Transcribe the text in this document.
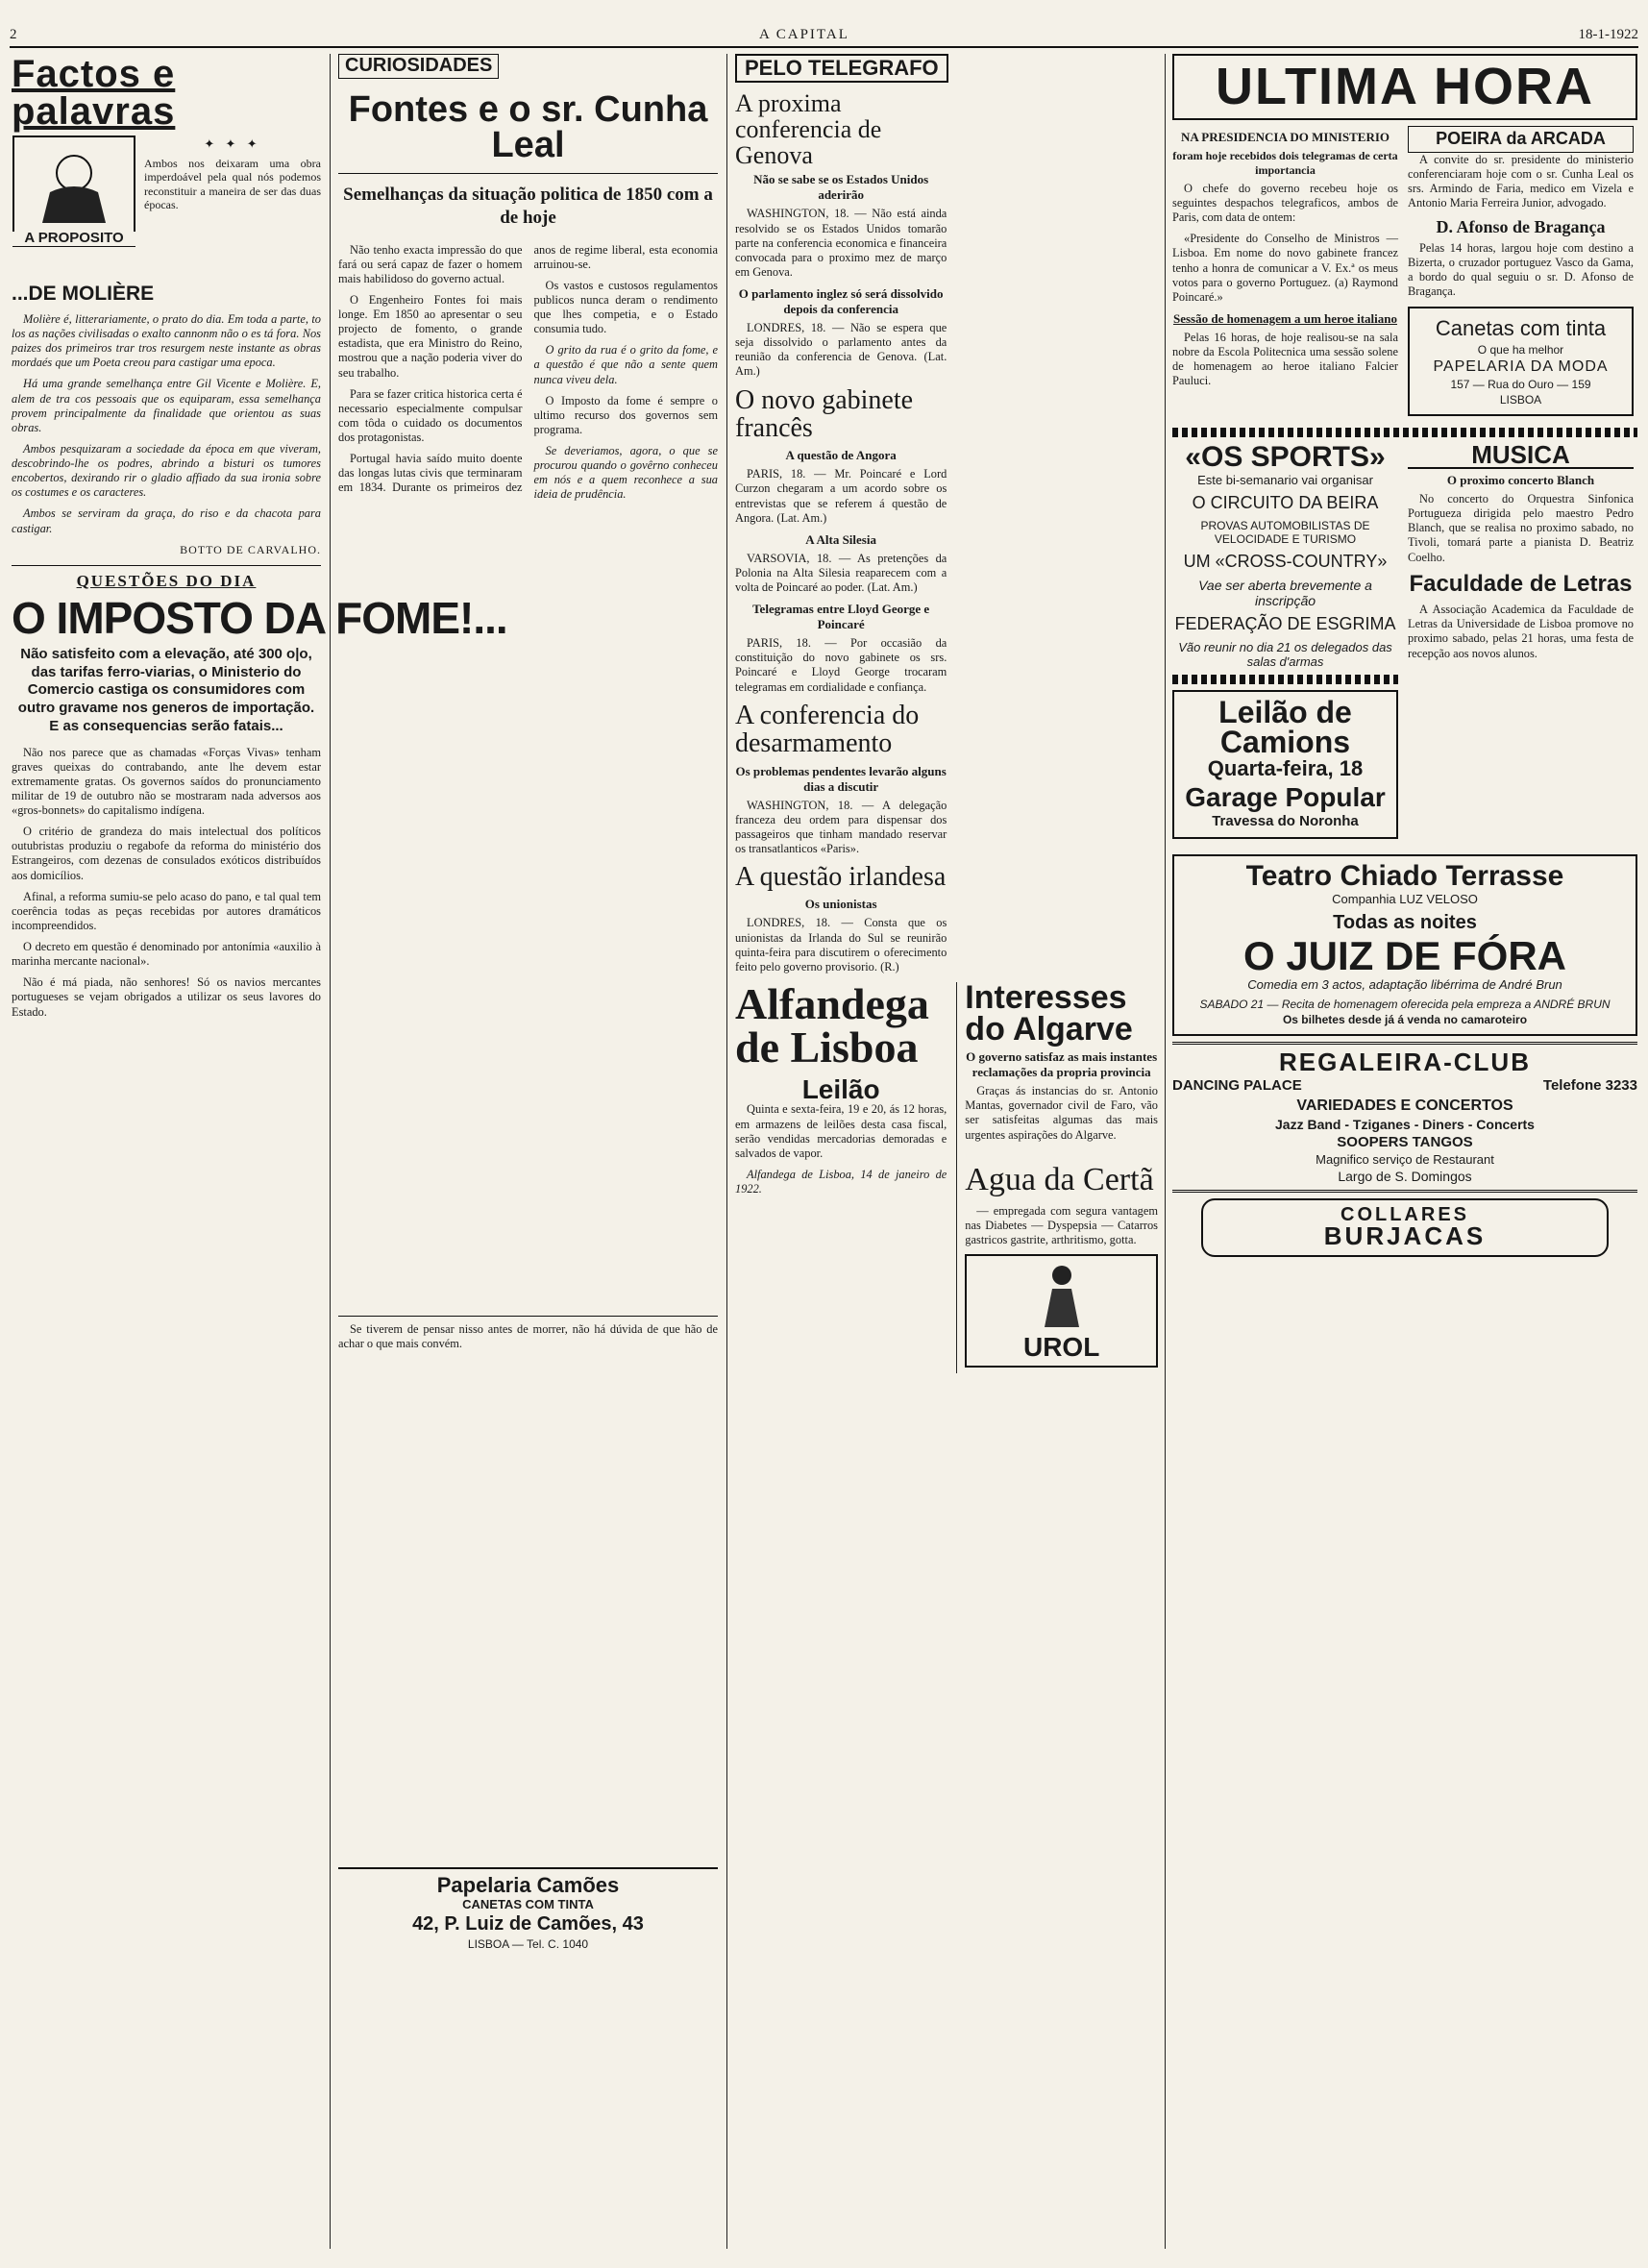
2	A CAPITAL	18-1-1922
Factos e palavras
A PROPOSITO
✦ ✦ ✦
Ambos nos deixaram uma obra imperdoável pela qual nós podemos reconstituir a maneira de ser das duas épocas.
...DE MOLIÈRE

Molière é, litterariamente, o prato do dia. Em toda a parte, to los as nações civilisadas o exalto cannonm não o es tá fora. Nos paizes dos primeiros trar tros resurgem neste instante as obras mordaés que um Poeta creou para castigar uma epoca.

Há uma grande semelhança entre Gil Vicente e Molière. E, alem de tra cos pessoais que os equiparam, essa semelhança provem principalmente da finalidade que orientou as suas obras.

Ambos pesquizaram a sociedade da época em que viveram, descobrindo-lhe os podres, abrindo a bisturi os tumores encobertos, dexirando rir o gladio affiado da sua ironia sobre os costumes e os caracteres.

Ambos se serviram da graça, do riso e da chacota para castigar.

BOTTO DE CARVALHO.
QUESTÕES DO DIA
O IMPOSTO DA FOME!...
Não satisfeito com a elevação, até 300 o|o, das tarifas ferro-viarias, o Ministerio do Comercio castiga os consumidores com outro gravame nos generos de importação. E as consequencias serão fatais...

Não nos parece que as chamadas «Forças Vivas» tenham graves queixas do contrabando, ante lhe devem estar extremamente gratas. Os governos saídos do pronunciamento militar de 19 de outubro não se mostraram nada adversos aos «gros-bonnets» do capitalismo indígena.

O critério de grandeza do mais intelectual dos políticos outubristas produziu o regabofe da reforma do ministério dos Estrangeiros, com dezenas de consulados exóticos distribuídos aos domicílios.

Afinal, a reforma sumiu-se pelo acaso do pano, e tal qual tem coerência todas as peças recebidas por autores dramáticos incompreendidos.

O decreto em questão é denominado por antonímia «auxilio à marinha mercante nacional».

Não é má piada, não senhores! Só os navios mercantes portugueses se vejam obrigados a utilizar os seus lavores do Estado.

CURIOSIDADES
Fontes e o sr. Cunha Leal
Semelhanças da situação politica de 1850 com a de hoje

Não tenho exacta impressão do que fará ou será capaz de fazer o homem mais habilidoso do governo actual.

O Engenheiro Fontes foi mais longe. Em 1850 ao apresentar o seu projecto de fomento, o grande estadista, que era Ministro do Reino, mostrou que a nação poderia viver do seu trabalho.

Para se fazer critica historica certa é necessario especialmente compulsar com tôda o cuidado os documentos dos protagonistas.

Portugal havia saído muito doente das longas lutas civis que terminaram em 1834. Durante os primeiros dez anos de regime liberal, esta economia arruinou-se.

Os vastos e custosos regulamentos publicos nunca deram o rendimento que lhes competia, e o Estado consumia tudo.

O grito da rua é o grito da fome, e a questão é que não a sente quem nunca viveu dela.

O Imposto da fome é sempre o ultimo recurso dos governos sem programa.

Se deveriamos, agora, o que se procurou quando o govêrno conheceu em nós e a quem reconhece a sua ideia de prudência.

Se tiverem de pensar nisso antes de morrer, não há dúvida de que hão de achar o que mais convém.

Papelaria Camões
CANETAS COM TINTA
42, P. Luiz de Camões, 43
LISBOA — Tel. C. 1040
PELO TELEGRAFO
A proxima conferencia de Genova
Não se sabe se os Estados Unidos aderirão

WASHINGTON, 18. — Não está ainda resolvido se os Estados Unidos tomarão parte na conferencia economica e financeira convocada para o proximo mez de março em Genova.

O parlamento inglez só será dissolvido depois da conferencia

LONDRES, 18. — Não se espera que seja dissolvido o parlamento antes da reunião da conferencia de Genova. (Lat. Am.)

O novo gabinete francês
A questão de Angora

PARIS, 18. — Mr. Poincaré e Lord Curzon chegaram a um acordo sobre os entrevistas que se referem á questão de Angora. (Lat. Am.)

A Alta Silesia

VARSOVIA, 18. — As pretenções da Polonia na Alta Silesia reaparecem com a volta de Poincaré ao poder. (Lat. Am.)

Telegramas entre Lloyd George e Poincaré

PARIS, 18. — Por occasião da constituição do novo gabinete os srs. Poincaré e Lloyd George trocaram telegramas em cordialidade e confiança.

A conferencia do desarmamento
Os problemas pendentes levarão alguns dias a discutir

WASHINGTON, 18. — A delegação franceza deu ordem para dispensar dos passageiros que tinham mandado reservar os transatlanticos «Paris».

A questão irlandesa
Os unionistas

LONDRES, 18. — Consta que os unionistas da Irlanda do Sul se reunirão quinta-feira para discutirem o oferecimento feito pelo governo provisorio. (R.)

Alfandega de Lisboa
Leilão

Quinta e sexta-feira, 19 e 20, ás 12 horas, em armazens de leilões desta casa fiscal, serão vendidas mercadorias demoradas e salvados de vapor.

Alfandega de Lisboa, 14 de janeiro de 1922.

Interesses do Algarve
O governo satisfaz as mais instantes reclamações da propria provincia

Graças ás instancias do sr. Antonio Mantas, governador civil de Faro, vão ser satisfeitas algumas das mais urgentes aspirações do Algarve.

Agua da Certã

— empregada com segura vantagem nas Diabetes — Dyspepsia — Catarros gastricos gastrite, arthritismo, gotta.

UROL
ULTIMA HORA
NA PRESIDENCIA DO MINISTERIO
foram hoje recebidos dois telegramas de certa importancia

O chefe do governo recebeu hoje os seguintes despachos telegraficos, ambos de Paris, com data de ontem:

«Presidente do Conselho de Ministros — Lisboa. Em nome do novo gabinete francez tenho a honra de comunicar a V. Ex.ª os meus votos para o governo Portuguez. (a) Raymond Poincaré.»

Sessão de homenagem a um heroe italiano

Pelas 16 horas, de hoje realisou-se na sala nobre da Escola Politecnica uma sessão solene de homenagem ao heroe italiano Falcier Pauluci.

POEIRA da ARCADA

A convite do sr. presidente do ministerio conferenciaram hoje com o sr. Cunha Leal os srs. Armindo de Faria, medico em Vizela e Antonio Maria Ferreira Junior, advogado.

D. Afonso de Bragança

Pelas 14 horas, largou hoje com destino a Bizerta, o cruzador portuguez Vasco da Gama, a bordo do qual seguiu o sr. D. Afonso de Bragança.

Canetas com tinta
O que ha melhor
PAPELARIA DA MODA
157 — Rua do Ouro — 159
LISBOA
«OS SPORTS»
Este bi-semanario vai organisar
O CIRCUITO DA BEIRA
PROVAS AUTOMOBILISTAS DE VELOCIDADE E TURISMO
UM «CROSS-COUNTRY»
Vae ser aberta brevemente a inscripção
FEDERAÇÃO DE ESGRIMA
Vão reunir no dia 21 os delegados das salas d'armas
Leilão de Camions
Quarta-feira, 18
Garage Popular
Travessa do Noronha
MUSICA
O proximo concerto Blanch

No concerto do Orquestra Sinfonica Portugueza dirigida pelo maestro Pedro Blanch, que se realisa no proximo sabado, no Tivoli, tomará parte a pianista D. Beatriz Coelho.

Faculdade de Letras

A Associação Academica da Faculdade de Letras da Universidade de Lisboa promove no proximo sabado, pelas 21 horas, uma festa de recepção aos novos alunos.

Teatro Chiado Terrasse
Companhia LUZ VELOSO
Todas as noites
O JUIZ DE FÓRA
Comedia em 3 actos, adaptação libérrima de André Brun
SABADO 21 — Recita de homenagem oferecida pela empreza a ANDRÉ BRUN
Os bilhetes desde já á venda no camaroteiro
REGALEIRA-CLUB
DANCING PALACE	Telefone 3233
VARIEDADES E CONCERTOS
Jazz Band - Tziganes - Diners - Concerts
SOOPERS TANGOS
Magnifico serviço de Restaurant
Largo de S. Domingos
COLLARES
BURJACAS
